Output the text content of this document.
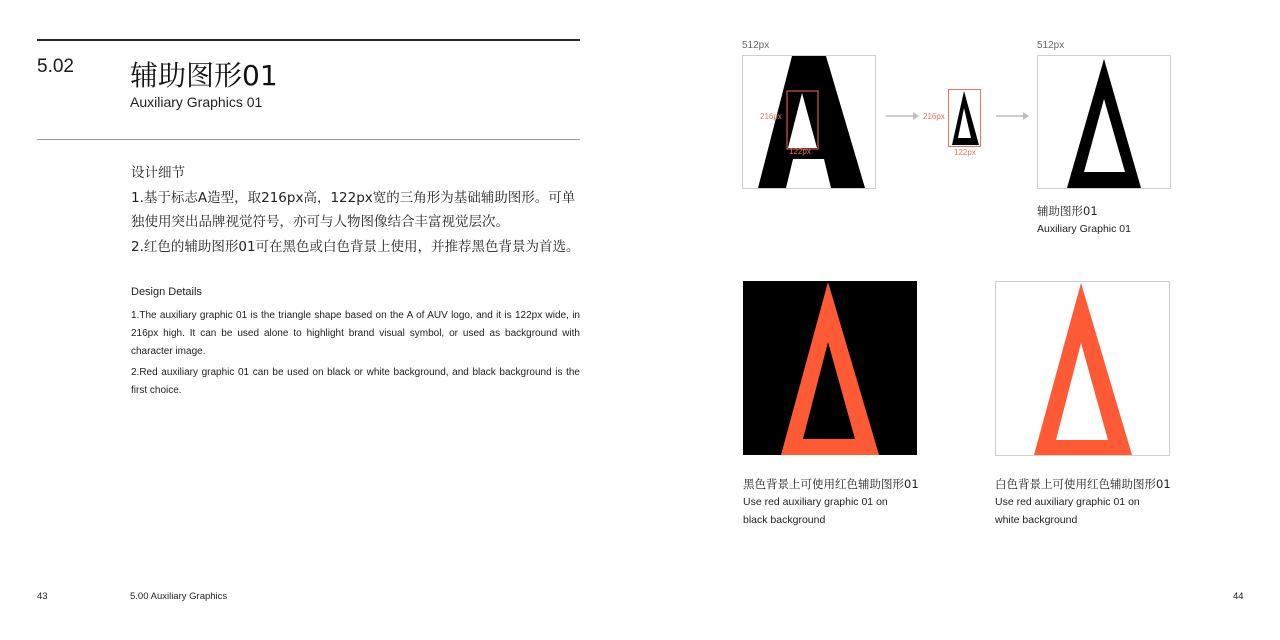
5.02 辅助图形01
Auxiliary Graphics 01
设计细节
1.基于标志A造型，取216px高，122px宽的三角形为基础辅助图形。可单
独使用突出品牌视觉符号，亦可与人物图像结合丰富视觉层次。
2.红色的辅助图形01可在黑色或白色背景上使用，并推荐黑色背景为首选。
Design Details

1.The auxiliary graphic 01 is the triangle shape based on the A of AUV logo, and it is 122px wide, in 216px high. It can be used alone to highlight brand visual symbol, or used as background with character image.

2.Red auxiliary graphic 01 can be used on black or white background, and black background is the first choice.

43	5.00 Auxiliary Graphics	44
512px
216px
122px
216px
122px
512px
辅助图形01
Auxiliary Graphic 01
黑色背景上可使用红色辅助图形01
Use red auxiliary graphic 01 on
black background
白色背景上可使用红色辅助图形01
Use red auxiliary graphic 01 on
white background
